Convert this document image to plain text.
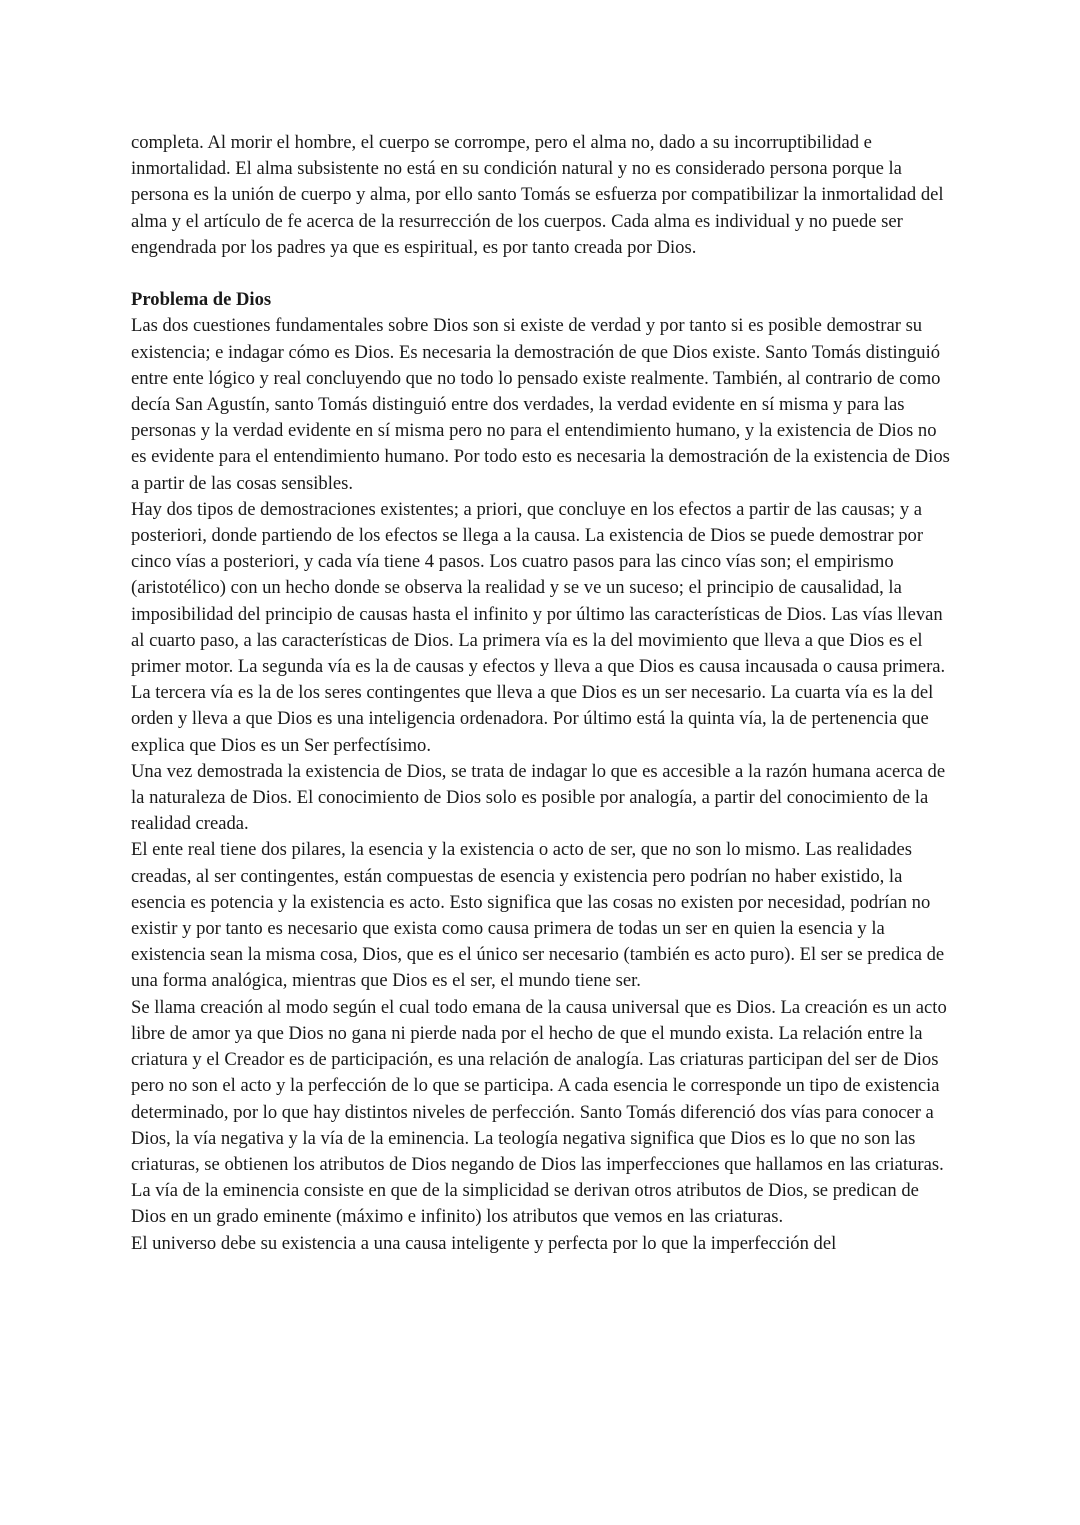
completa. Al morir el hombre, el cuerpo se corrompe, pero el alma no, dado a su incorruptibilidad e inmortalidad. El alma subsistente no está en su condición natural y no es considerado persona porque la persona es la unión de cuerpo y alma, por ello santo Tomás se esfuerza por compatibilizar la inmortalidad del alma y el artículo de fe acerca de la resurrección de los cuerpos. Cada alma es individual y no puede ser engendrada por los padres ya que es espiritual, es por tanto creada por Dios.

Problema de Dios

Las dos cuestiones fundamentales sobre Dios son si existe de verdad y por tanto si es posible demostrar su existencia; e indagar cómo es Dios. Es necesaria la demostración de que Dios existe. Santo Tomás distinguió entre ente lógico y real concluyendo que no todo lo pensado existe realmente. También, al contrario de como decía San Agustín, santo Tomás distinguió entre dos verdades, la verdad evidente en sí misma y para las personas y la verdad evidente en sí misma pero no para el entendimiento humano, y la existencia de Dios no es evidente para el entendimiento humano. Por todo esto es necesaria la demostración de la existencia de Dios a partir de las cosas sensibles.

Hay dos tipos de demostraciones existentes; a priori, que concluye en los efectos a partir de las causas; y a posteriori, donde partiendo de los efectos se llega a la causa. La existencia de Dios se puede demostrar por cinco vías a posteriori, y cada vía tiene 4 pasos. Los cuatro pasos para las cinco vías son; el empirismo (aristotélico) con un hecho donde se observa la realidad y se ve un suceso; el principio de causalidad, la imposibilidad del principio de causas hasta el infinito y por último las características de Dios. Las vías llevan al cuarto paso, a las características de Dios. La primera vía es la del movimiento que lleva a que Dios es el primer motor. La segunda vía es la de causas y efectos y lleva a que Dios es causa incausada o causa primera. La tercera vía es la de los seres contingentes que lleva a que Dios es un ser necesario. La cuarta vía es la del orden y lleva a que Dios es una inteligencia ordenadora. Por último está la quinta vía, la de pertenencia que explica que Dios es un Ser perfectísimo.

Una vez demostrada la existencia de Dios, se trata de indagar lo que es accesible a la razón humana acerca de la naturaleza de Dios. El conocimiento de Dios solo es posible por analogía, a partir del conocimiento de la realidad creada.

El ente real tiene dos pilares, la esencia y la existencia o acto de ser, que no son lo mismo. Las realidades creadas, al ser contingentes, están compuestas de esencia y existencia pero podrían no haber existido, la esencia es potencia y la existencia es acto. Esto significa que las cosas no existen por necesidad, podrían no existir y por tanto es necesario que exista como causa primera de todas un ser en quien la esencia y la existencia sean la misma cosa, Dios, que es el único ser necesario (también es acto puro). El ser se predica de una forma analógica, mientras que Dios es el ser, el mundo tiene ser.

Se llama creación al modo según el cual todo emana de la causa universal que es Dios. La creación es un acto libre de amor ya que Dios no gana ni pierde nada por el hecho de que el mundo exista. La relación entre la criatura y el Creador es de participación, es una relación de analogía. Las criaturas participan del ser de Dios pero no son el acto y la perfección de lo que se participa. A cada esencia le corresponde un tipo de existencia determinado, por lo que hay distintos niveles de perfección. Santo Tomás diferenció dos vías para conocer a Dios, la vía negativa y la vía de la eminencia. La teología negativa significa que Dios es lo que no son las criaturas, se obtienen los atributos de Dios negando de Dios las imperfecciones que hallamos en las criaturas. La vía de la eminencia consiste en que de la simplicidad se derivan otros atributos de Dios, se predican de Dios en un grado eminente (máximo e infinito) los atributos que vemos en las criaturas.

El universo debe su existencia a una causa inteligente y perfecta por lo que la imperfección del
